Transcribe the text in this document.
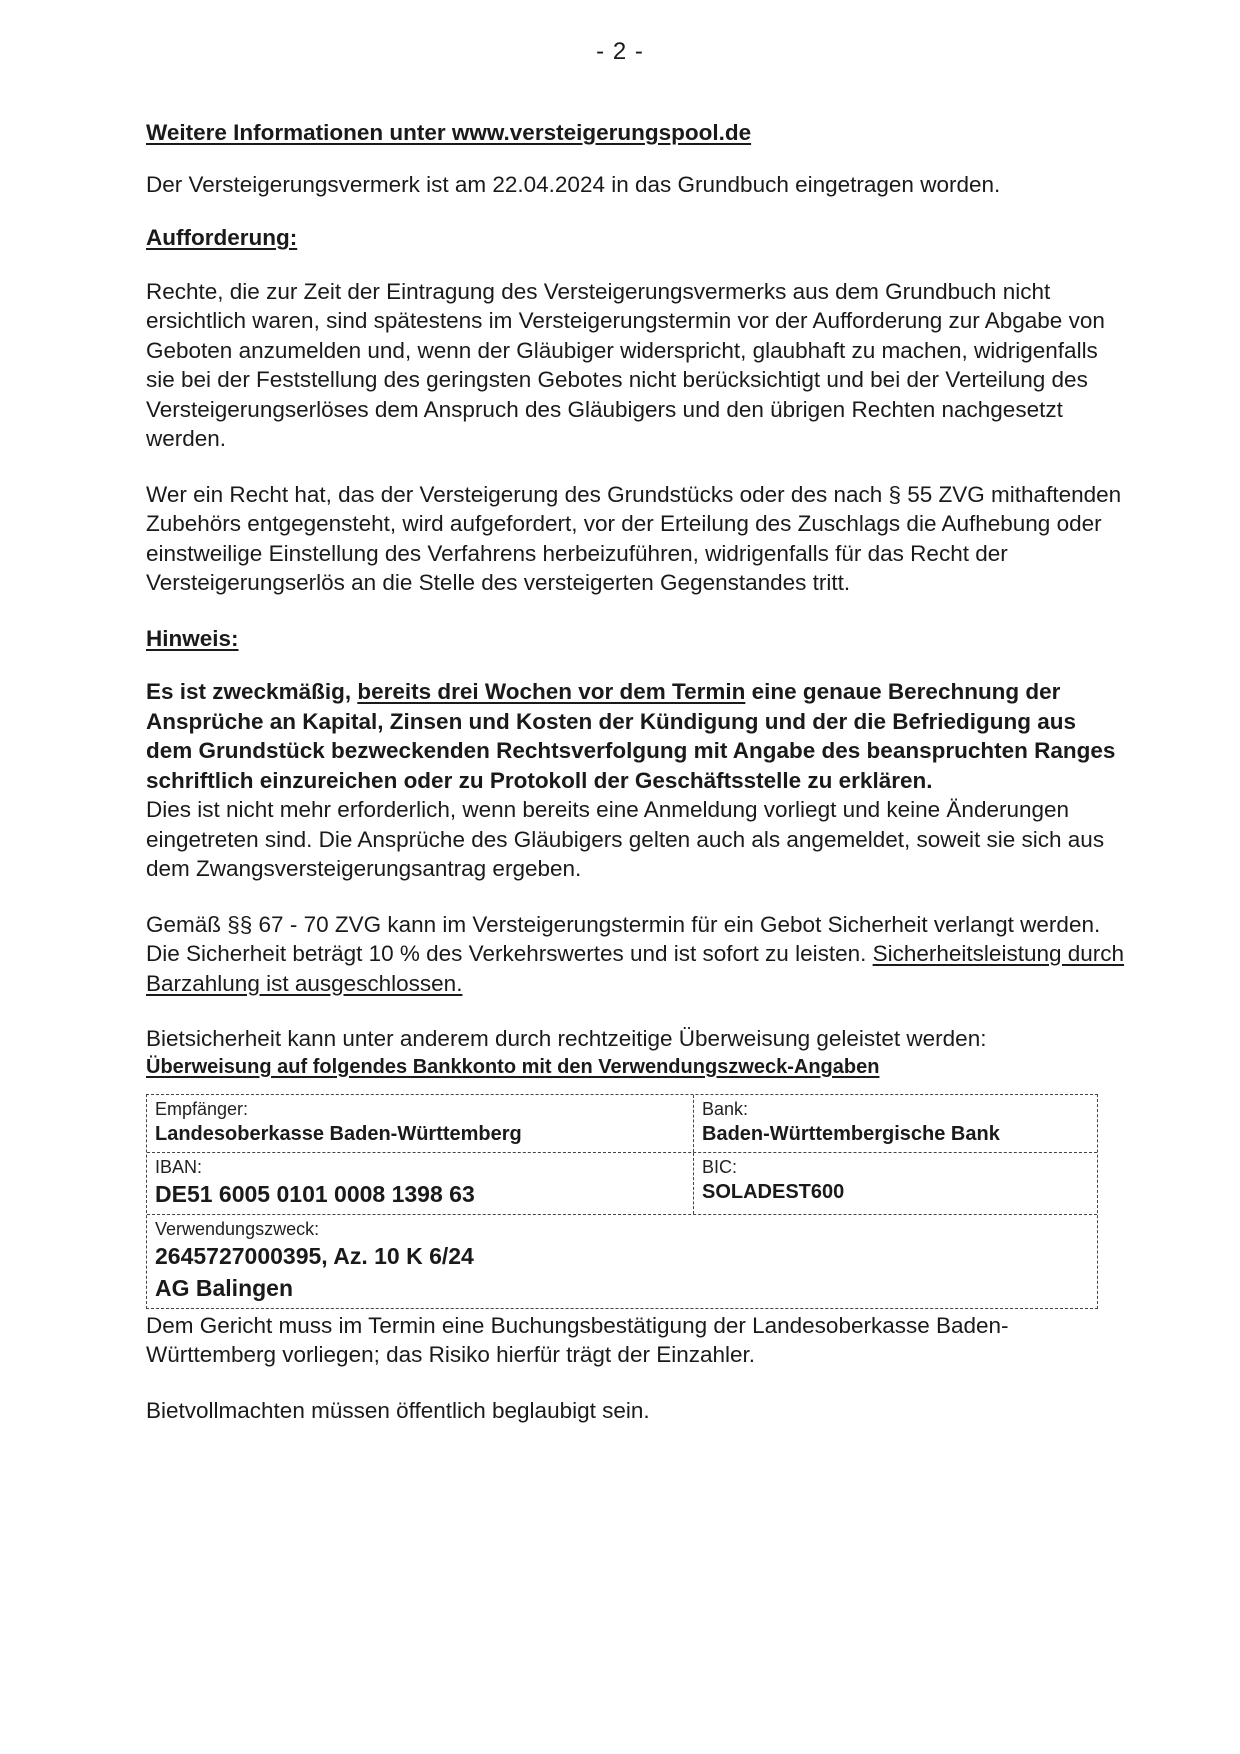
- 2 -

Weitere Informationen unter www.versteigerungspool.de

Der Versteigerungsvermerk ist am 22.04.2024 in das Grundbuch eingetragen worden.

Aufforderung:

Rechte, die zur Zeit der Eintragung des Versteigerungsvermerks aus dem Grundbuch nicht ersichtlich waren, sind spätestens im Versteigerungstermin vor der Aufforderung zur Abgabe von Geboten anzumelden und, wenn der Gläubiger widerspricht, glaubhaft zu machen, widrigenfalls sie bei der Feststellung des geringsten Gebotes nicht berücksichtigt und bei der Verteilung des Versteigerungserlöses dem Anspruch des Gläubigers und den übrigen Rechten nachgesetzt werden.

Wer ein Recht hat, das der Versteigerung des Grundstücks oder des nach § 55 ZVG mithaftenden Zubehörs entgegensteht, wird aufgefordert, vor der Erteilung des Zuschlags die Aufhebung oder einstweilige Einstellung des Verfahrens herbeizuführen, widrigenfalls für das Recht der Versteigerungserlös an die Stelle des versteigerten Gegenstandes tritt.

Hinweis:

Es ist zweckmäßig, bereits drei Wochen vor dem Termin eine genaue Berechnung der Ansprüche an Kapital, Zinsen und Kosten der Kündigung und der die Befriedigung aus dem Grundstück bezweckenden Rechtsverfolgung mit Angabe des beanspruchten Ranges schriftlich einzureichen oder zu Protokoll der Geschäftsstelle zu erklären.

Dies ist nicht mehr erforderlich, wenn bereits eine Anmeldung vorliegt und keine Änderungen eingetreten sind. Die Ansprüche des Gläubigers gelten auch als angemeldet, soweit sie sich aus dem Zwangsversteigerungsantrag ergeben.

Gemäß §§ 67 - 70 ZVG kann im Versteigerungstermin für ein Gebot Sicherheit verlangt werden. Die Sicherheit beträgt 10 % des Verkehrswertes und ist sofort zu leisten. Sicherheitsleistung durch Barzahlung ist ausgeschlossen.

Bietsicherheit kann unter anderem durch rechtzeitige Überweisung geleistet werden:

Überweisung auf folgendes Bankkonto mit den Verwendungszweck-Angaben

Empfänger:
Landesoberkasse Baden-Württemberg
Bank:
Baden-Württembergische Bank
IBAN:
DE51 6005 0101 0008 1398 63
BIC:
SOLADEST600
Verwendungszweck:
2645727000395, Az. 10 K 6/24
AG Balingen

Dem Gericht muss im Termin eine Buchungsbestätigung der Landesoberkasse Baden-Württemberg vorliegen; das Risiko hierfür trägt der Einzahler.

Bietvollmachten müssen öffentlich beglaubigt sein.
